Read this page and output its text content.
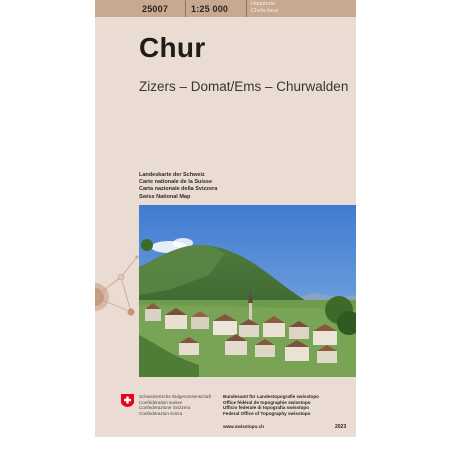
25007	1:25 000	Hauptorte
Chefs-lieux
Chur
Zizers – Domat/Ems – Churwalden
Landeskarte der Schweiz
Carte nationale de la Suisse
Carta nazionale della Svizzera
Swiss National Map
Schweizerische Eidgenossenschaft
Confédération suisse
Confederazione Svizzera
Confederaziun svizra
Bundesamt für Landestopografie swisstopo
Office fédéral de topographie swisstopo
Ufficio federale di topografia swisstopo
Federal Office of Topography swisstopo
www.swisstopo.ch	2023
